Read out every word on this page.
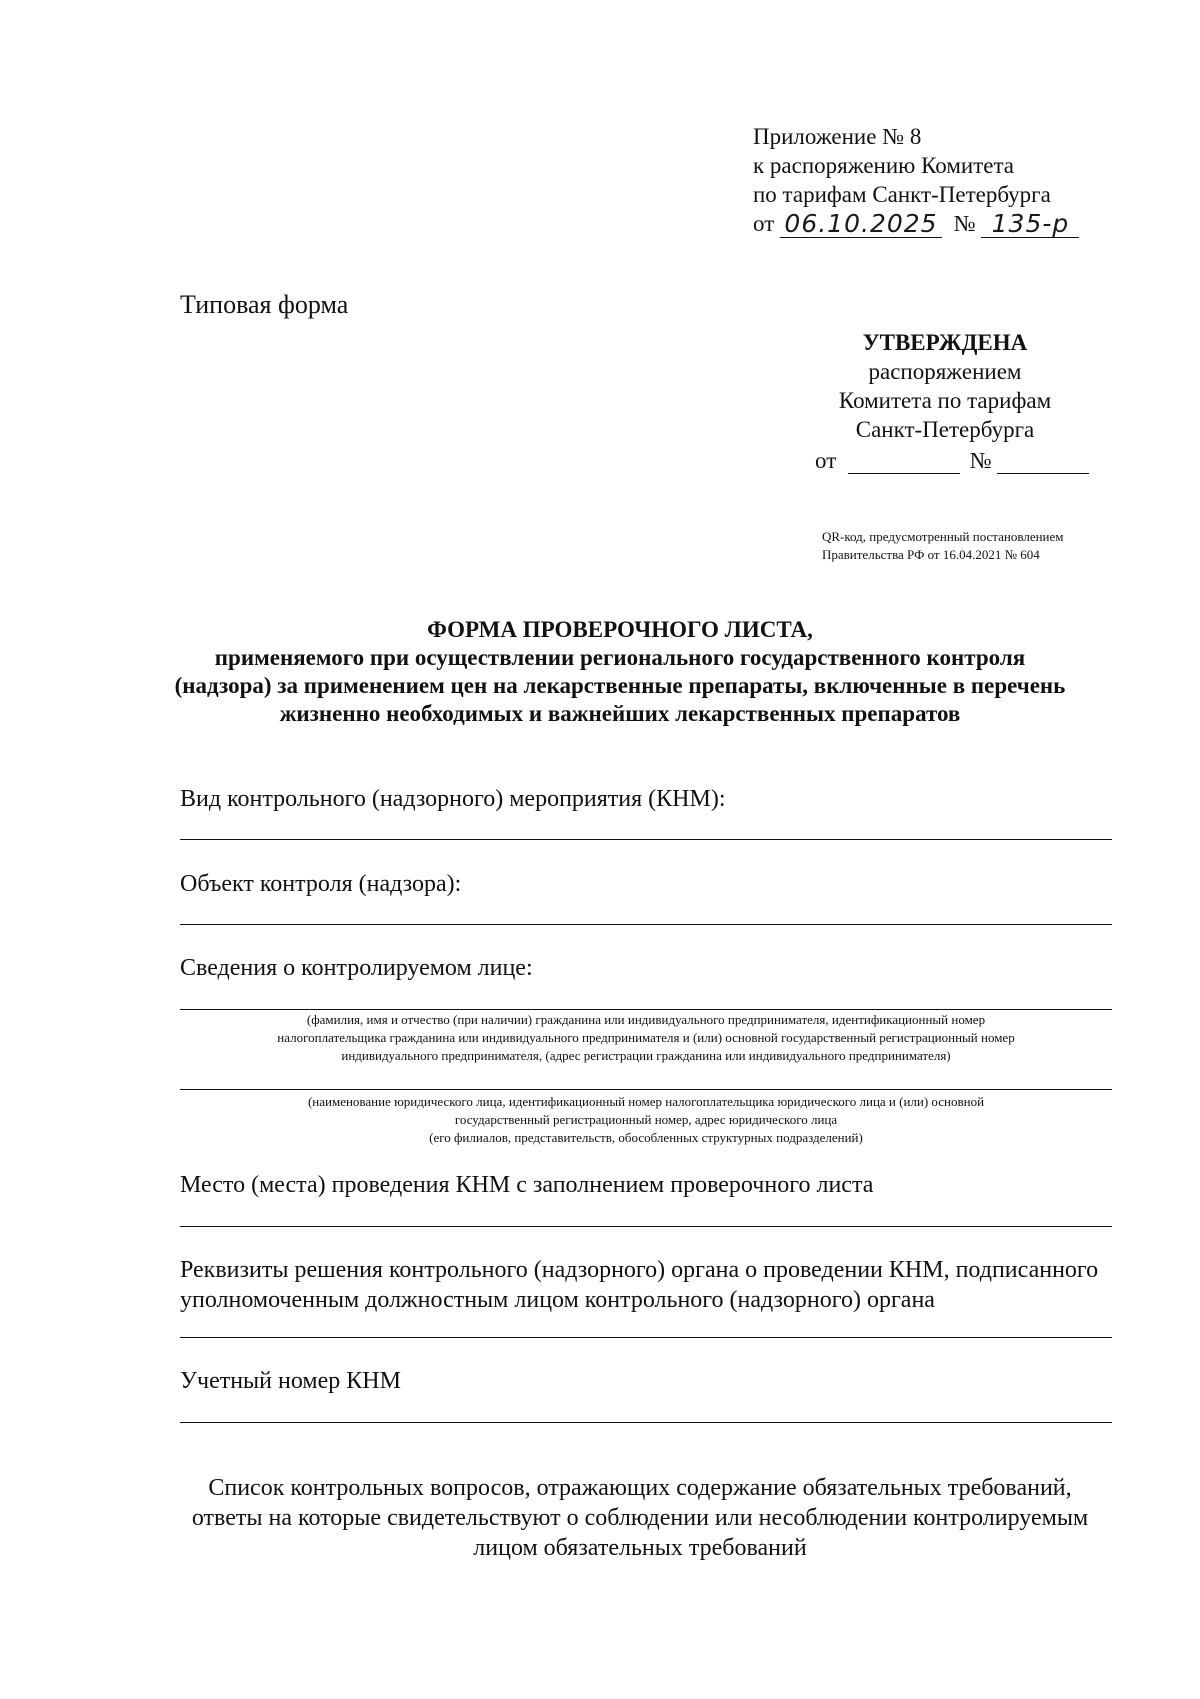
Приложение № 8
к распоряжению Комитета
по тарифам Санкт-Петербурга
от 06.10.2025 № 135-р
Типовая форма
УТВЕРЖДЕНА
распоряжением
Комитета по тарифам
Санкт-Петербурга
от	№
QR-код, предусмотренный постановлением
Правительства РФ от 16.04.2021 № 604
ФОРМА ПРОВЕРОЧНОГО ЛИСТА,
применяемого при осуществлении регионального государственного контроля
(надзора) за применением цен на лекарственные препараты, включенные в перечень
жизненно необходимых и важнейших лекарственных препаратов
Вид контрольного (надзорного) мероприятия (КНМ):
Объект контроля (надзора):
Сведения о контролируемом лице:
(фамилия, имя и отчество (при наличии) гражданина или индивидуального предпринимателя, идентификационный номер
налогоплательщика гражданина или индивидуального предпринимателя и (или) основной государственный регистрационный номер
индивидуального предпринимателя, (адрес регистрации гражданина или индивидуального предпринимателя)
(наименование юридического лица, идентификационный номер налогоплательщика юридического лица и (или) основной
государственный регистрационный номер, адрес юридического лица
(его филиалов, представительств, обособленных структурных подразделений)
Место (места) проведения КНМ с заполнением проверочного листа
Реквизиты решения контрольного (надзорного) органа о проведении КНМ, подписанного
уполномоченным должностным лицом контрольного (надзорного) органа
Учетный номер КНМ
Список контрольных вопросов, отражающих содержание обязательных требований,
ответы на которые свидетельствуют о соблюдении или несоблюдении контролируемым
лицом обязательных требований
